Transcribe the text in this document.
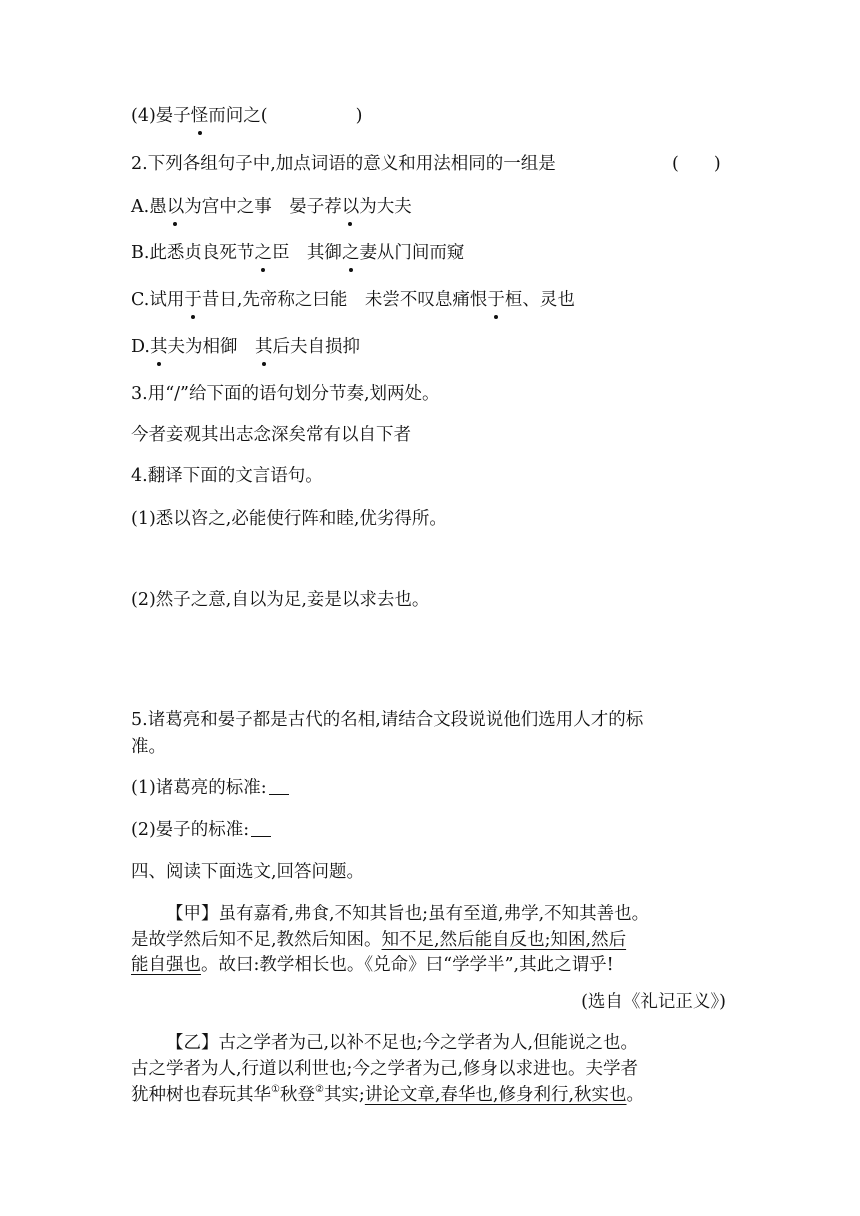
(4)晏子怪而问之(	)
2.下列各组句子中,加点词语的意义和用法相同的一组是	(　　)
A.愚以为宫中之事　晏子荐以为大夫
B.此悉贞良死节之臣　其御之妻从门间而窥
C.试用于昔日,先帝称之曰能　未尝不叹息痛恨于桓、灵也
D.其夫为相御　其后夫自损抑
3.用“/”给下面的语句划分节奏,划两处。
今者妾观其出志念深矣常有以自下者
4.翻译下面的文言语句。
(1)悉以咨之,必能使行阵和睦,优劣得所。
(2)然子之意,自以为足,妾是以求去也。
5.诸葛亮和晏子都是古代的名相,请结合文段说说他们选用人才的标
准。
(1)诸葛亮的标准:
(2)晏子的标准:
四、阅读下面选文,回答问题。
【甲】虽有嘉肴,弗食,不知其旨也;虽有至道,弗学,不知其善也。
是故学然后知不足,教然后知困。知不足,然后能自反也;知困,然后
能自强也。故曰:教学相长也。《兑命》曰“学学半”,其此之谓乎!
(选自《礼记正义》)
【乙】古之学者为己,以补不足也;今之学者为人,但能说之也。
古之学者为人,行道以利世也;今之学者为己,修身以求进也。夫学者
犹种树也春玩其华①秋登②其实;讲论文章,春华也,修身利行,秋实也。
